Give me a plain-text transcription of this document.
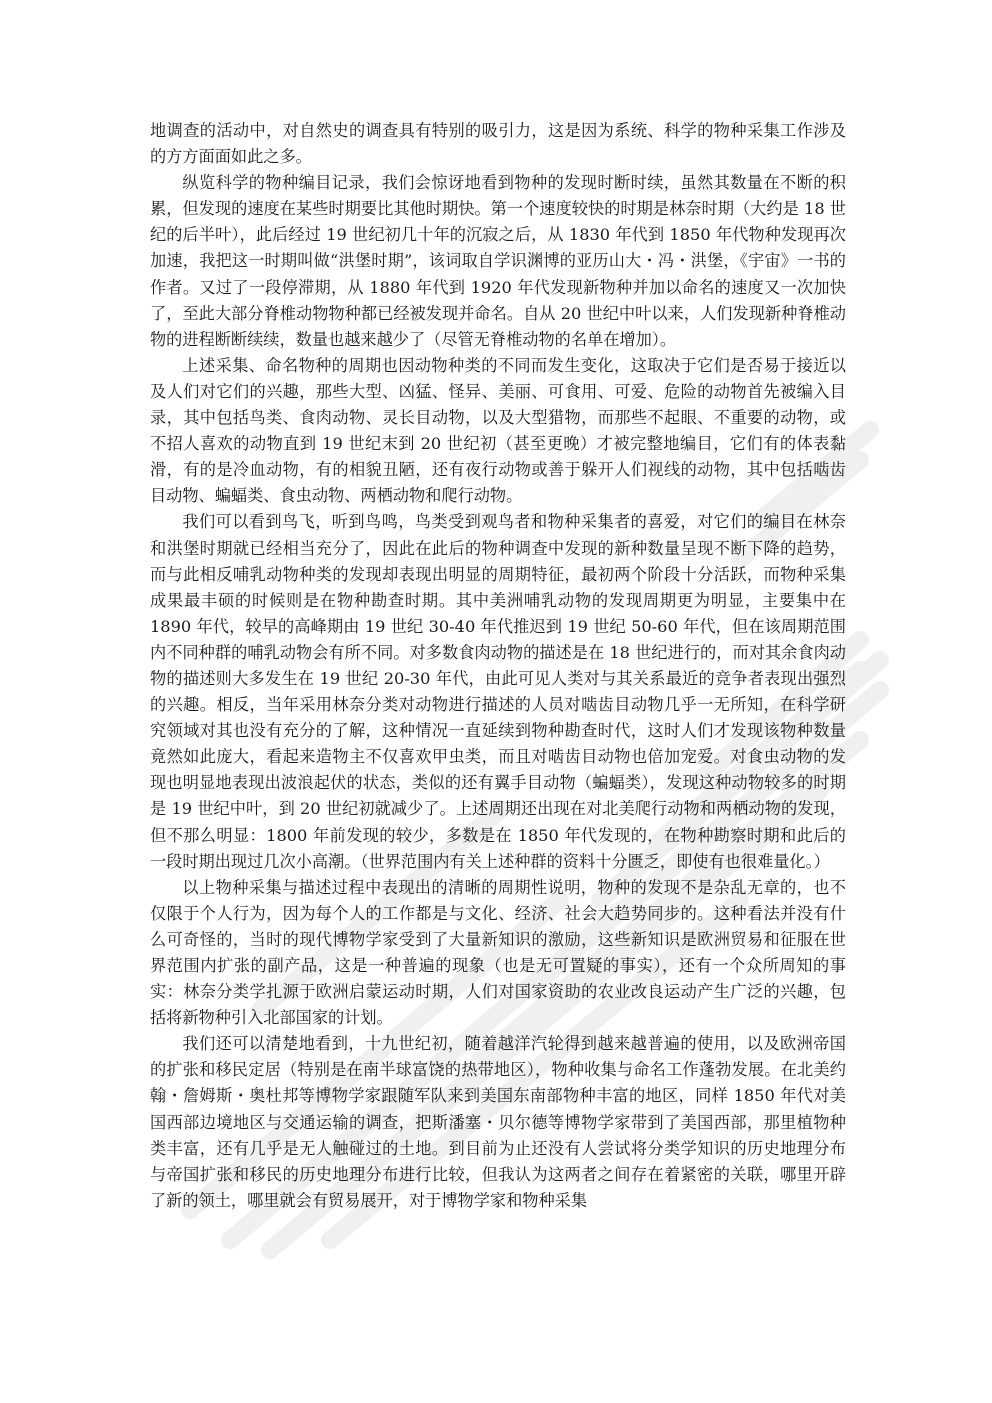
地调查的活动中，对自然史的调查具有特别的吸引力，这是因为系统、科学的物种采集工作涉及的方方面面如此之多。

纵览科学的物种编目记录，我们会惊讶地看到物种的发现时断时续，虽然其数量在不断的积累，但发现的速度在某些时期要比其他时期快。第一个速度较快的时期是林奈时期（大约是 18 世纪的后半叶），此后经过 19 世纪初几十年的沉寂之后，从 1830 年代到 1850 年代物种发现再次加速，我把这一时期叫做“洪堡时期”，该词取自学识渊博的亚历山大・冯・洪堡，《宇宙》一书的作者。又过了一段停滞期，从 1880 年代到 1920 年代发现新物种并加以命名的速度又一次加快了，至此大部分脊椎动物物种都已经被发现并命名。自从 20 世纪中叶以来，人们发现新种脊椎动物的进程断断续续，数量也越来越少了（尽管无脊椎动物的名单在增加）。

上述采集、命名物种的周期也因动物种类的不同而发生变化，这取决于它们是否易于接近以及人们对它们的兴趣，那些大型、凶猛、怪异、美丽、可食用、可爱、危险的动物首先被编入目录，其中包括鸟类、食肉动物、灵长目动物，以及大型猎物，而那些不起眼、不重要的动物，或不招人喜欢的动物直到 19 世纪末到 20 世纪初（甚至更晚）才被完整地编目，它们有的体表黏滑，有的是冷血动物，有的相貌丑陋，还有夜行动物或善于躲开人们视线的动物，其中包括啮齿目动物、蝙蝠类、食虫动物、两栖动物和爬行动物。

我们可以看到鸟飞，听到鸟鸣，鸟类受到观鸟者和物种采集者的喜爱，对它们的编目在林奈和洪堡时期就已经相当充分了，因此在此后的物种调查中发现的新种数量呈现不断下降的趋势，而与此相反哺乳动物种类的发现却表现出明显的周期特征，最初两个阶段十分活跃，而物种采集成果最丰硕的时候则是在物种勘查时期。其中美洲哺乳动物的发现周期更为明显，主要集中在 1890 年代，较早的高峰期由 19 世纪 30-40 年代推迟到 19 世纪 50-60 年代，但在该周期范围内不同种群的哺乳动物会有所不同。对多数食肉动物的描述是在 18 世纪进行的，而对其余食肉动物的描述则大多发生在 19 世纪 20-30 年代，由此可见人类对与其关系最近的竞争者表现出强烈的兴趣。相反，当年采用林奈分类对动物进行描述的人员对啮齿目动物几乎一无所知，在科学研究领域对其也没有充分的了解，这种情况一直延续到物种勘查时代，这时人们才发现该物种数量竟然如此庞大，看起来造物主不仅喜欢甲虫类，而且对啮齿目动物也倍加宠爱。对食虫动物的发现也明显地表现出波浪起伏的状态，类似的还有翼手目动物（蝙蝠类），发现这种动物较多的时期是 19 世纪中叶，到 20 世纪初就减少了。上述周期还出现在对北美爬行动物和两栖动物的发现，但不那么明显：1800 年前发现的较少，多数是在 1850 年代发现的，在物种勘察时期和此后的一段时期出现过几次小高潮。（世界范围内有关上述种群的资料十分匮乏，即使有也很难量化。）

以上物种采集与描述过程中表现出的清晰的周期性说明，物种的发现不是杂乱无章的，也不仅限于个人行为，因为每个人的工作都是与文化、经济、社会大趋势同步的。这种看法并没有什么可奇怪的，当时的现代博物学家受到了大量新知识的激励，这些新知识是欧洲贸易和征服在世界范围内扩张的副产品，这是一种普遍的现象（也是无可置疑的事实），还有一个众所周知的事实：林奈分类学扎源于欧洲启蒙运动时期，人们对国家资助的农业改良运动产生广泛的兴趣，包括将新物种引入北部国家的计划。

我们还可以清楚地看到，十九世纪初，随着越洋汽轮得到越来越普遍的使用，以及欧洲帝国的扩张和移民定居（特别是在南半球富饶的热带地区），物种收集与命名工作蓬勃发展。在北美约翰・詹姆斯・奥杜邦等博物学家跟随军队来到美国东南部物种丰富的地区，同样 1850 年代对美国西部边境地区与交通运输的调查，把斯潘塞・贝尔德等博物学家带到了美国西部，那里植物种类丰富，还有几乎是无人触碰过的土地。到目前为止还没有人尝试将分类学知识的历史地理分布与帝国扩张和移民的历史地理分布进行比较，但我认为这两者之间存在着紧密的关联，哪里开辟了新的领土，哪里就会有贸易展开，对于博物学家和物种采集
